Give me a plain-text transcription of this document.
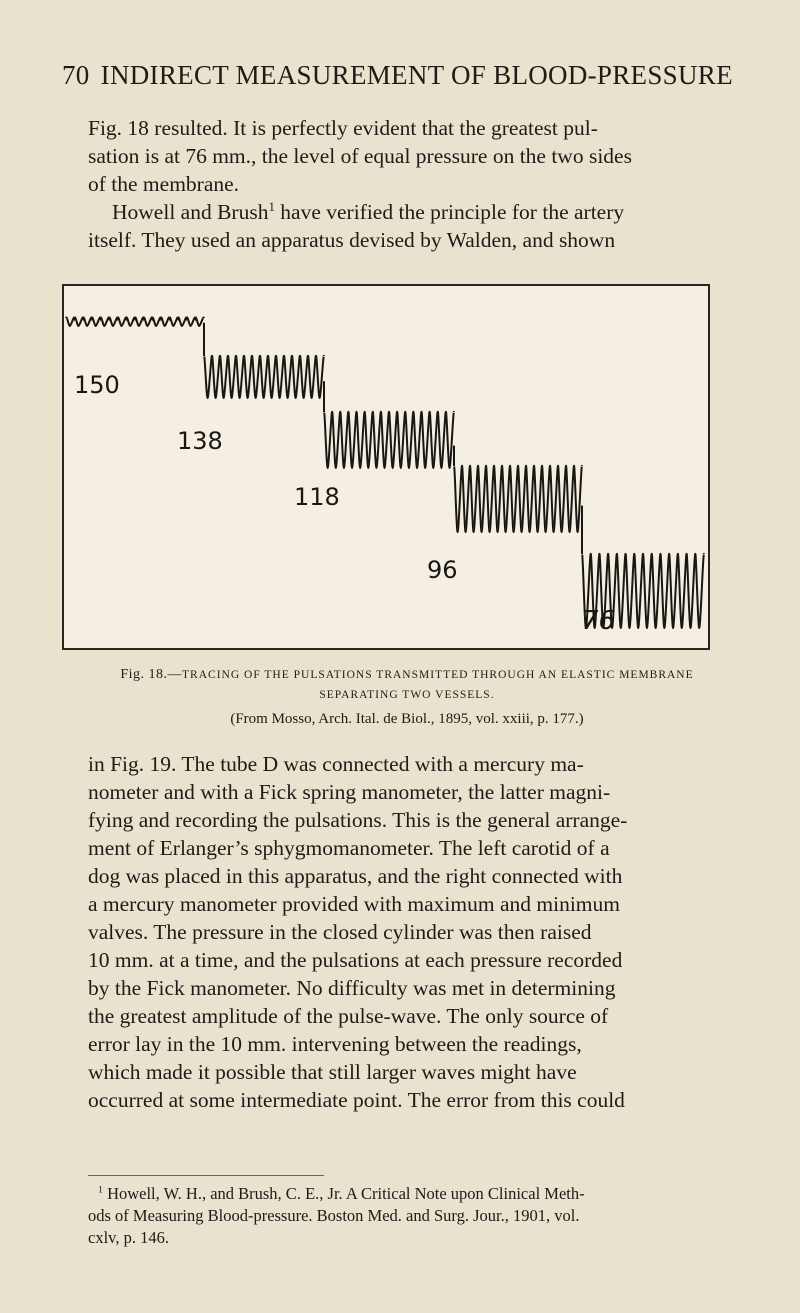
70 INDIRECT MEASUREMENT OF BLOOD-PRESSURE
Fig. 18 resulted. It is perfectly evident that the greatest pul-
sation is at 76 mm., the level of equal pressure on the two sides
of the membrane.
Howell and Brush$^1$ have verified the principle for the artery
itself. They used an apparatus devised by Walden, and shown
150
138
118
96
76
Fig. 18.—TRACING OF THE PULSATIONS TRANSMITTED THROUGH AN ELASTIC MEMBRANE
SEPARATING TWO VESSELS.
(From Mosso, Arch. Ital. de Biol., 1895, vol. xxiii, p. 177.)
in Fig. 19. The tube D was connected with a mercury ma-
nometer and with a Fick spring manometer, the latter magni-
fying and recording the pulsations. This is the general arrange-
ment of Erlanger’s sphygmomanometer. The left carotid of a
dog was placed in this apparatus, and the right connected with
a mercury manometer provided with maximum and minimum
valves. The pressure in the closed cylinder was then raised
10 mm. at a time, and the pulsations at each pressure recorded
by the Fick manometer. No difficulty was met in determining
the greatest amplitude of the pulse-wave. The only source of
error lay in the 10 mm. intervening between the readings,
which made it possible that still larger waves might have
occurred at some intermediate point. The error from this could
$^1$ Howell, W. H., and Brush, C. E., Jr. A Critical Note upon Clinical Meth-
ods of Measuring Blood-pressure. Boston Med. and Surg. Jour., 1901, vol.
cxlv, p. 146.
